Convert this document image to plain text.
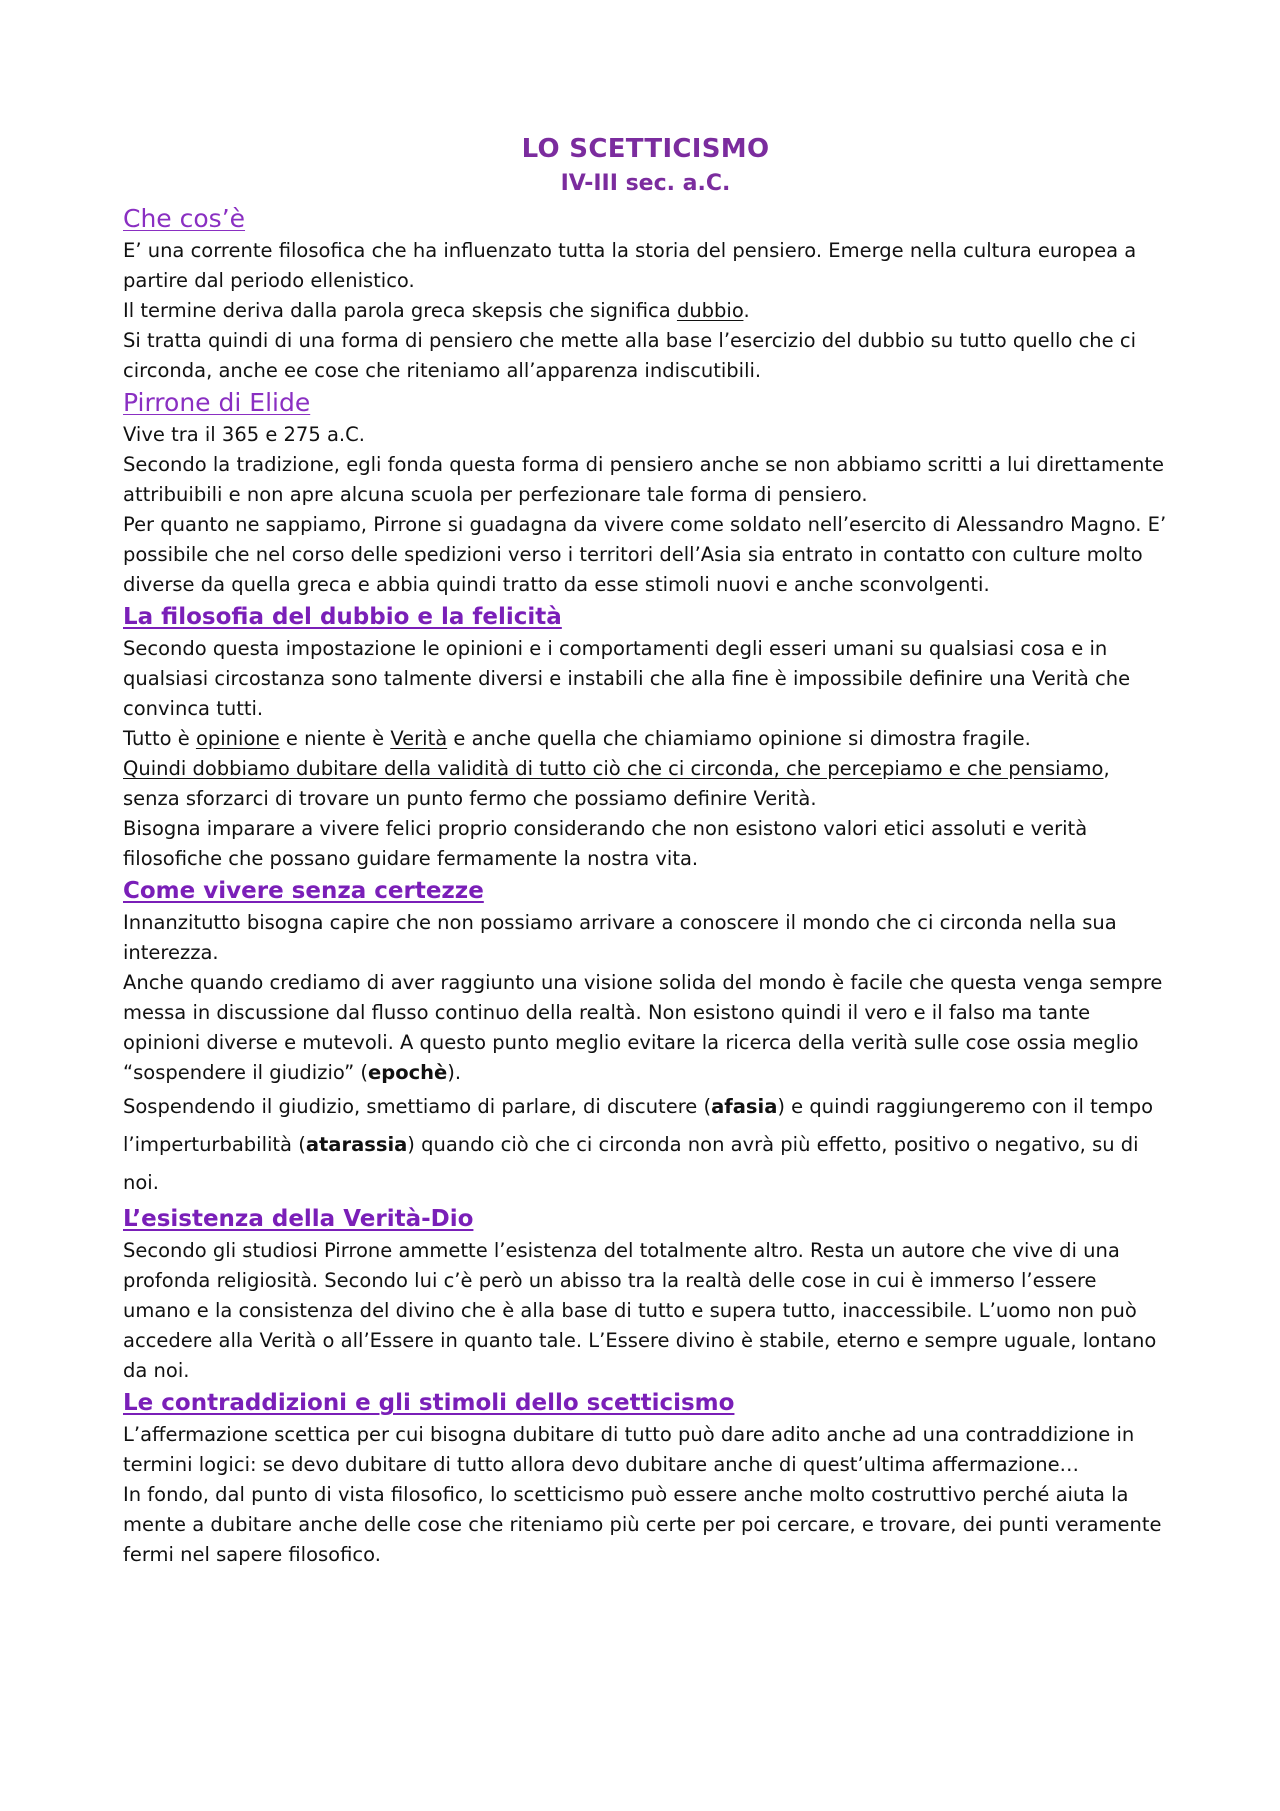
LO SCETTICISMO
IV-III sec. a.C.
Che cos’è

E’ una corrente filosofica che ha influenzato tutta la storia del pensiero. Emerge nella cultura europea a partire dal periodo ellenistico.

Il termine deriva dalla parola greca skepsis che significa dubbio.

Si tratta quindi di una forma di pensiero che mette alla base l’esercizio del dubbio su tutto quello che ci circonda, anche ee cose che riteniamo all’apparenza indiscutibili.

Pirrone di Elide

Vive tra il 365 e 275 a.C.

Secondo la tradizione, egli fonda questa forma di pensiero anche se non abbiamo scritti a lui direttamente attribuibili e non apre alcuna scuola per perfezionare tale forma di pensiero.

Per quanto ne sappiamo, Pirrone si guadagna da vivere come soldato nell’esercito di Alessandro Magno. E’ possibile che nel corso delle spedizioni verso i territori dell’Asia sia entrato in contatto con culture molto diverse da quella greca e abbia quindi tratto da esse stimoli nuovi e anche sconvolgenti.

La filosofia del dubbio e la felicità

Secondo questa impostazione le opinioni e i comportamenti degli esseri umani su qualsiasi cosa e in qualsiasi circostanza sono talmente diversi e instabili che alla fine è impossibile definire una Verità che convinca tutti.

Tutto è opinione e niente è Verità e anche quella che chiamiamo opinione si dimostra fragile.

Quindi dobbiamo dubitare della validità di tutto ciò che ci circonda, che percepiamo e che pensiamo, senza sforzarci di trovare un punto fermo che possiamo definire Verità.

Bisogna imparare a vivere felici proprio considerando che non esistono valori etici assoluti e verità filosofiche che possano guidare fermamente la nostra vita.

Come vivere senza certezze

Innanzitutto bisogna capire che non possiamo arrivare a conoscere il mondo che ci circonda nella sua interezza.

Anche quando crediamo di aver raggiunto una visione solida del mondo è facile che questa venga sempre messa in discussione dal flusso continuo della realtà. Non esistono quindi il vero e il falso ma tante opinioni diverse e mutevoli. A questo punto meglio evitare la ricerca della verità sulle cose ossia meglio “sospendere il giudizio” (epochè).

Sospendendo il giudizio, smettiamo di parlare, di discutere (afasia) e quindi raggiungeremo con il tempo l’imperturbabilità (atarassia) quando ciò che ci circonda non avrà più effetto, positivo o negativo, su di noi.

L’esistenza della Verità-Dio

Secondo gli studiosi Pirrone ammette l’esistenza del totalmente altro. Resta un autore che vive di una profonda religiosità. Secondo lui c’è però un abisso tra la realtà delle cose in cui è immerso l’essere umano e la consistenza del divino che è alla base di tutto e supera tutto, inaccessibile. L’uomo non può accedere alla Verità o all’Essere in quanto tale. L’Essere divino è stabile, eterno e sempre uguale, lontano da noi.

Le contraddizioni e gli stimoli dello scetticismo

L’affermazione scettica per cui bisogna dubitare di tutto può dare adito anche ad una contraddizione in termini logici: se devo dubitare di tutto allora devo dubitare anche di quest’ultima affermazione…

In fondo, dal punto di vista filosofico, lo scetticismo può essere anche molto costruttivo perché aiuta la mente a dubitare anche delle cose che riteniamo più certe per poi cercare, e trovare, dei punti veramente fermi nel sapere filosofico.
